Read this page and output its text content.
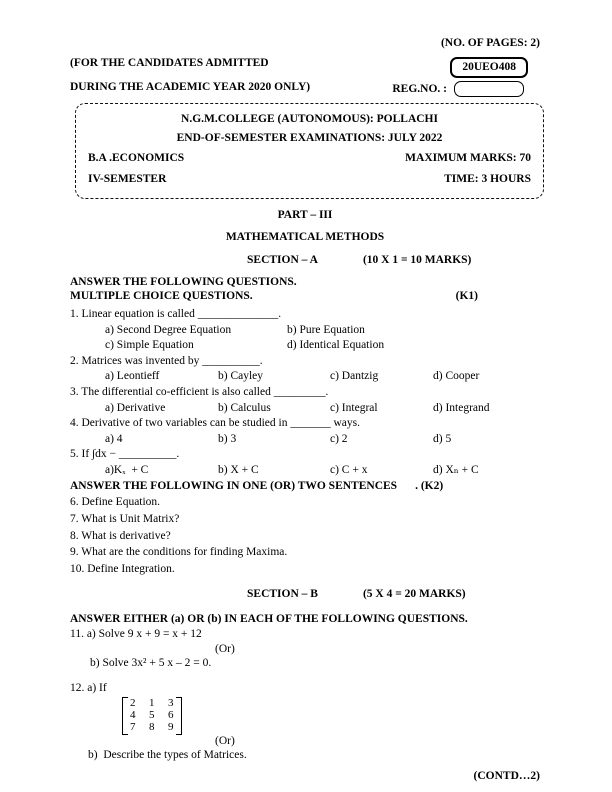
(NO. OF PAGES: 2)
(FOR THE CANDIDATES ADMITTED	20UEO408
DURING THE ACADEMIC YEAR 2020 ONLY)	REG.NO. :
N.G.M.COLLEGE (AUTONOMOUS): POLLACHI
END-OF-SEMESTER EXAMINATIONS: JULY 2022
B.A .ECONOMICS	MAXIMUM MARKS: 70
IV-SEMESTER	TIME: 3 HOURS
PART – III
MATHEMATICAL METHODS
SECTION – A	(10 X 1 = 10 MARKS)
ANSWER THE FOLLOWING QUESTIONS.
MULTIPLE CHOICE QUESTIONS.	(K1)
1. Linear equation is called ______________.
a) Second Degree Equation	b) Pure Equation
c) Simple Equation	d) Identical Equation
2. Matrices was invented by __________.
a) Leontieff	b) Cayley	c) Dantzig	d) Cooper
3. The differential co-efficient is also called _________.
a) Derivative	b) Calculus	c) Integral	d) Integrand
4. Derivative of two variables can be studied in _______ ways.
a) 4	b) 3	c) 2	d) 5
5. If ∫dx − __________.
a)Kₓ  + C	b) X + C	c) C + x	d) Xₙ + C
ANSWER THE FOLLOWING IN ONE (OR) TWO SENTENCES . (K2)
6. Define Equation.
7. What is Unit Matrix?
8. What is derivative?
9. What are the conditions for finding Maxima.
10. Define Integration.
SECTION – B	(5 X 4 = 20 MARKS)
ANSWER EITHER (a) OR (b) IN EACH OF THE FOLLOWING QUESTIONS.
11. a) Solve 9 x + 9 = x + 12
(Or)
b) Solve 3x² + 5 x – 2 = 0.
12. a) If
2	1	3
4	5	6
7	8	9
(Or)
b)  Describe the types of Matrices.
(CONTD…2)
